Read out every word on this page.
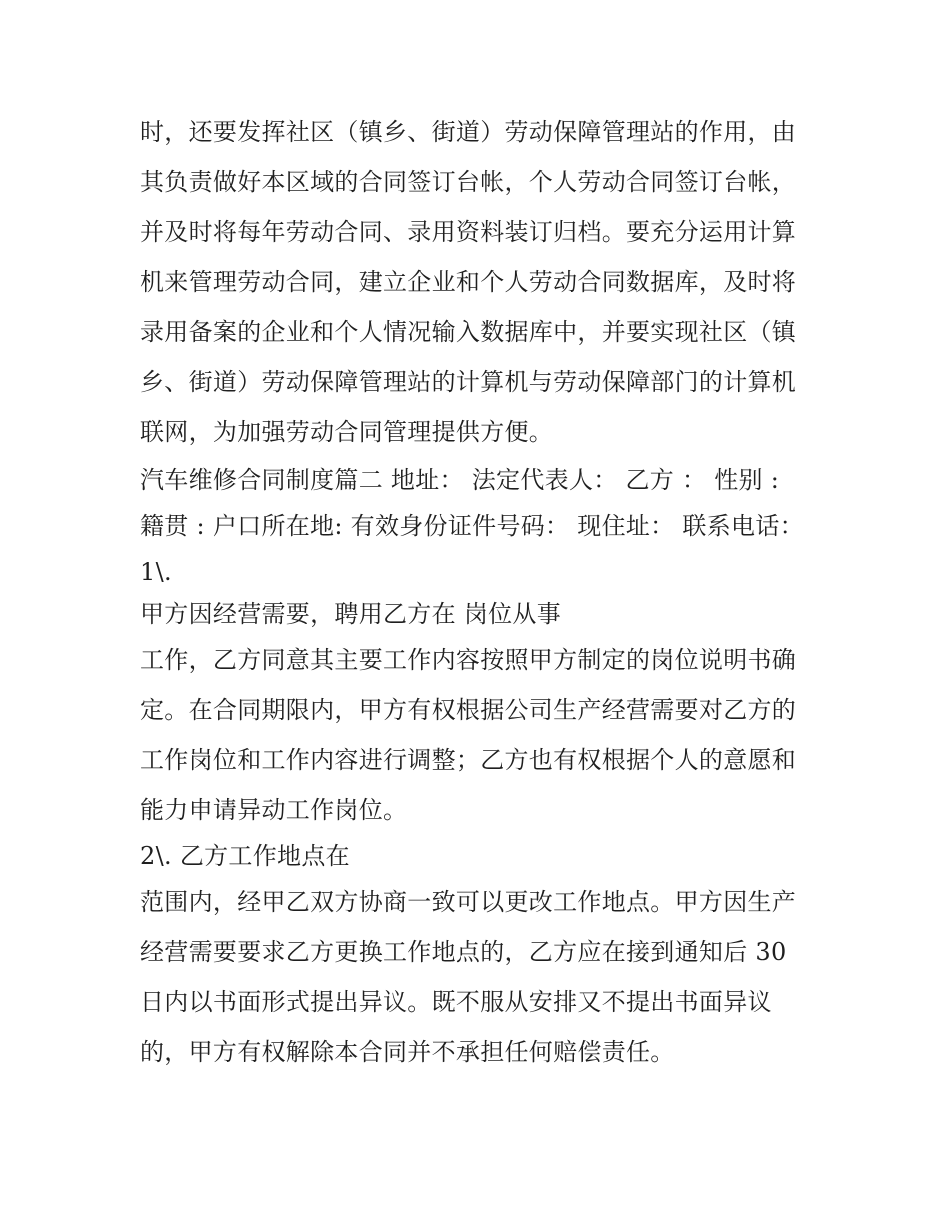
时，还要发挥社区（镇乡、街道）劳动保障管理站的作用，由
其负责做好本区域的合同签订台帐，个人劳动合同签订台帐，
并及时将每年劳动合同、录用资料装订归档。要充分运用计算
机来管理劳动合同，建立企业和个人劳动合同数据库，及时将
录用备案的企业和个人情况输入数据库中，并要实现社区（镇
乡、街道）劳动保障管理站的计算机与劳动保障部门的计算机
联网，为加强劳动合同管理提供方便。
汽车维修合同制度篇二 地址： 法定代表人： 乙方 ： 性别 :
籍贯 : 户口所在地: 有效身份证件号码： 现住址： 联系电话：
1\.
甲方因经营需要，聘用乙方在 岗位从事
工作，乙方同意其主要工作内容按照甲方制定的岗位说明书确
定。在合同期限内，甲方有权根据公司生产经营需要对乙方的
工作岗位和工作内容进行调整；乙方也有权根据个人的意愿和
能力申请异动工作岗位。
2\. 乙方工作地点在
范围内，经甲乙双方协商一致可以更改工作地点。甲方因生产
经营需要要求乙方更换工作地点的，乙方应在接到通知后 30
日内以书面形式提出异议。既不服从安排又不提出书面异议
的，甲方有权解除本合同并不承担任何赔偿责任。
